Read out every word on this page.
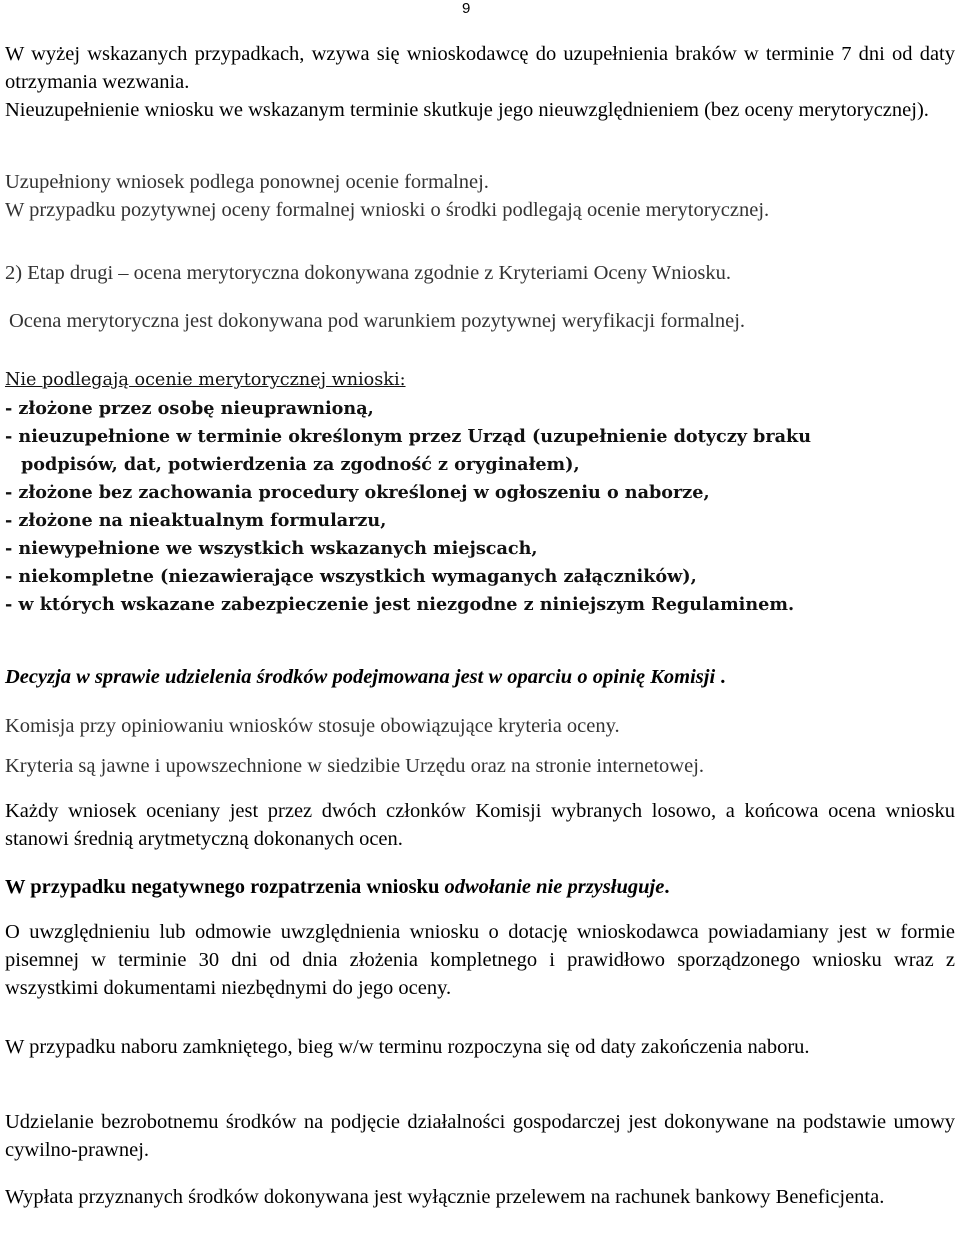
9

W wyżej wskazanych przypadkach, wzywa się wnioskodawcę do uzupełnienia braków w terminie 7 dni od daty otrzymania wezwania.

Nieuzupełnienie wniosku we wskazanym terminie skutkuje jego nieuwzględnieniem (bez oceny merytorycznej).

Uzupełniony wniosek podlega ponownej ocenie formalnej.

W przypadku pozytywnej oceny formalnej wnioski o środki podlegają ocenie merytorycznej.

2) Etap drugi – ocena merytoryczna dokonywana zgodnie z Kryteriami Oceny Wniosku.

Ocena merytoryczna jest dokonywana pod warunkiem pozytywnej weryfikacji formalnej.

Nie podlegają ocenie merytorycznej wnioski:

- złożone przez osobę nieuprawnioną,
- nieuzupełnione w terminie określonym przez Urząd (uzupełnienie dotyczy braku
podpisów, dat, potwierdzenia za zgodność z oryginałem),
- złożone bez zachowania procedury określonej w ogłoszeniu o naborze,
- złożone na nieaktualnym formularzu,
- niewypełnione we wszystkich wskazanych miejscach,
- niekompletne (niezawierające wszystkich wymaganych załączników),
- w których wskazane zabezpieczenie jest niezgodne z niniejszym Regulaminem.

Decyzja w sprawie udzielenia środków podejmowana jest w oparciu o opinię Komisji .

Komisja przy opiniowaniu wniosków stosuje obowiązujące kryteria oceny.

Kryteria są jawne i upowszechnione w siedzibie Urzędu oraz na stronie internetowej.

Każdy wniosek oceniany jest przez dwóch członków Komisji wybranych losowo, a końcowa ocena wniosku stanowi średnią arytmetyczną dokonanych ocen.

W przypadku negatywnego rozpatrzenia wniosku odwołanie nie przysługuje.

O uwzględnieniu lub odmowie uwzględnienia wniosku o dotację wnioskodawca powiadamiany jest w formie pisemnej w terminie 30 dni od dnia złożenia kompletnego i prawidłowo sporządzonego wniosku wraz z wszystkimi dokumentami niezbędnymi do jego oceny.

W przypadku naboru zamkniętego, bieg w/w terminu rozpoczyna się od daty zakończenia naboru.

Udzielanie bezrobotnemu środków na podjęcie działalności gospodarczej jest dokonywane na podstawie umowy cywilno-prawnej.

Wypłata przyznanych środków dokonywana jest wyłącznie przelewem na rachunek bankowy Beneficjenta.
